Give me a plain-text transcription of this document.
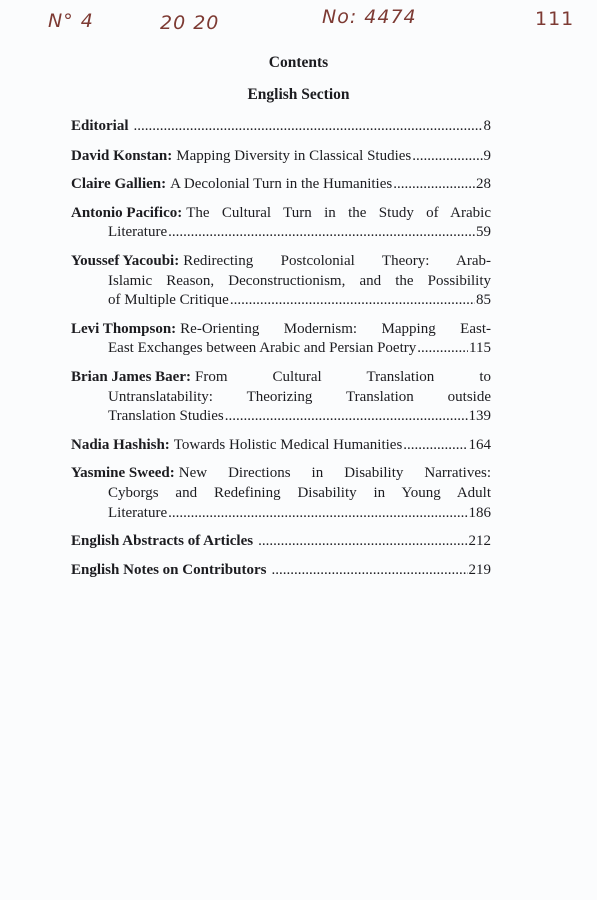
N° 4	20 20	No: 4474	111
Contents
English Section
Editorial .....	8
David Konstan: Mapping Diversity in Classical Studies .....	9
Claire Gallien: A Decolonial Turn in the Humanities .....	28
Antonio Pacifico: The Cultural Turn in the Study of Arabic
Literature .....	59
Youssef Yacoubi: Redirecting Postcolonial Theory: Arab-
Islamic Reason, Deconstructionism, and the Possibility
of Multiple Critique .....	85
Levi Thompson: Re-Orienting Modernism: Mapping East-
East Exchanges between Arabic and Persian Poetry .....	115
Brian James Baer: From Cultural Translation to
Untranslatability: Theorizing Translation outside
Translation Studies .....	139
Nadia Hashish: Towards Holistic Medical Humanities .....	164
Yasmine Sweed: New Directions in Disability Narratives:
Cyborgs and Redefining Disability in Young Adult
Literature .....	186
English Abstracts of Articles .....	212
English Notes on Contributors .....	219
